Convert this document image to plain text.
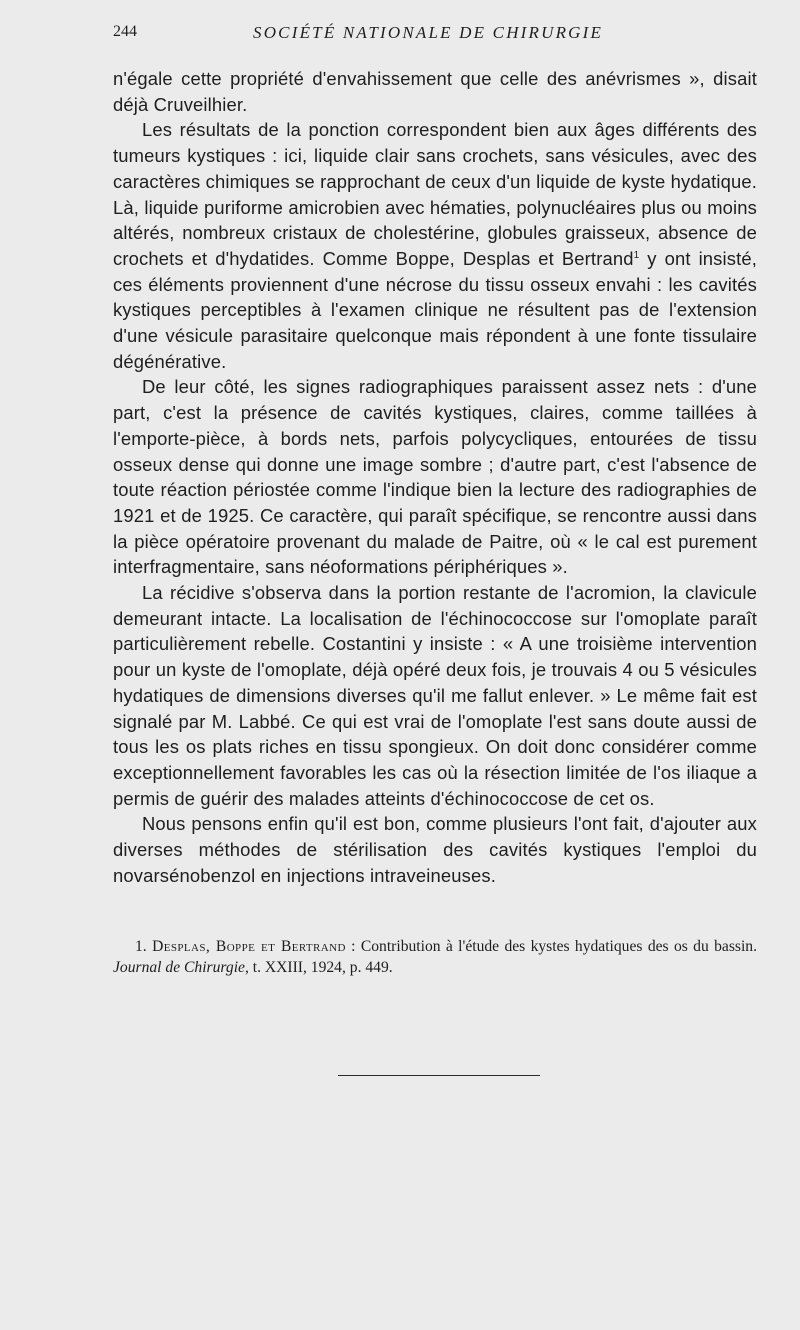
244	SOCIÉTÉ NATIONALE DE CHIRURGIE

n'égale cette propriété d'envahissement que celle des anévrismes », disait déjà Cruveilhier.

Les résultats de la ponction correspondent bien aux âges différents des tumeurs kystiques : ici, liquide clair sans crochets, sans vésicules, avec des caractères chimiques se rapprochant de ceux d'un liquide de kyste hydatique. Là, liquide puriforme amicrobien avec hématies, polynucléaires plus ou moins altérés, nombreux cristaux de cholestérine, globules graisseux, absence de crochets et d'hydatides. Comme Boppe, Desplas et Bertrand$^1$ y ont insisté, ces éléments proviennent d'une nécrose du tissu osseux envahi : les cavités kystiques perceptibles à l'examen clinique ne résultent pas de l'extension d'une vésicule parasitaire quelconque mais répondent à une fonte tissulaire dégénérative.

De leur côté, les signes radiographiques paraissent assez nets : d'une part, c'est la présence de cavités kystiques, claires, comme taillées à l'emporte-pièce, à bords nets, parfois polycycliques, entourées de tissu osseux dense qui donne une image sombre ; d'autre part, c'est l'absence de toute réaction périostée comme l'indique bien la lecture des radiographies de 1921 et de 1925. Ce caractère, qui paraît spécifique, se rencontre aussi dans la pièce opératoire provenant du malade de Paitre, où « le cal est purement interfragmentaire, sans néoformations périphériques ».

La récidive s'observa dans la portion restante de l'acromion, la clavicule demeurant intacte. La localisation de l'échinococcose sur l'omoplate paraît particulièrement rebelle. Costantini y insiste : « A une troisième intervention pour un kyste de l'omoplate, déjà opéré deux fois, je trouvais 4 ou 5 vésicules hydatiques de dimensions diverses qu'il me fallut enlever. » Le même fait est signalé par M. Labbé. Ce qui est vrai de l'omoplate l'est sans doute aussi de tous les os plats riches en tissu spongieux. On doit donc considérer comme exceptionnellement favorables les cas où la résection limitée de l'os iliaque a permis de guérir des malades atteints d'échinococcose de cet os.

Nous pensons enfin qu'il est bon, comme plusieurs l'ont fait, d'ajouter aux diverses méthodes de stérilisation des cavités kystiques l'emploi du novarsénobenzol en injections intraveineuses.

1. Desplas, Boppe et Bertrand : Contribution à l'étude des kystes hydatiques des os du bassin. Journal de Chirurgie, t. XXIII, 1924, p. 449.
